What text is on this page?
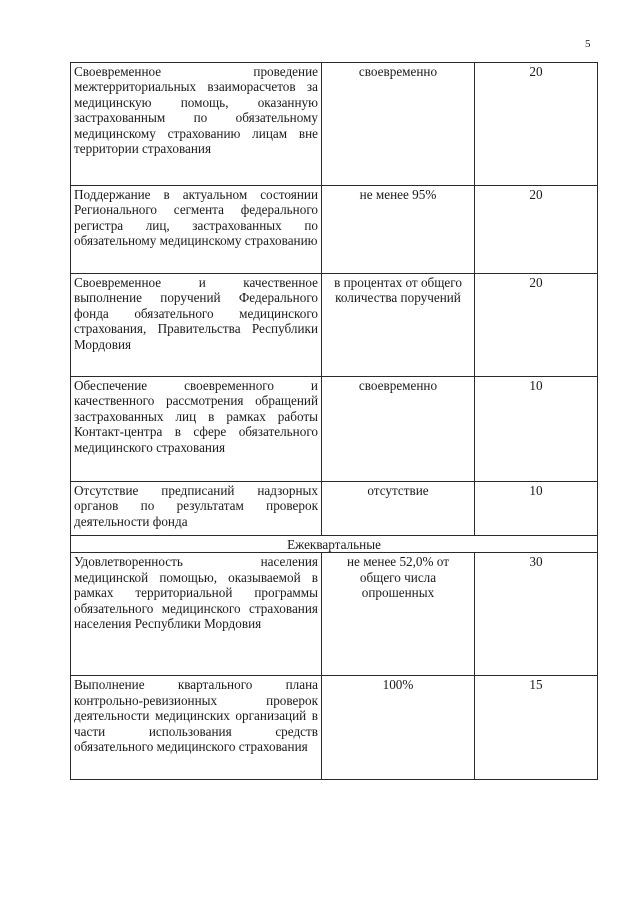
5
Своевременное проведение межтерриториальных взаиморасчетов за медицинскую помощь, оказанную застрахованным по обязательному медицинскому страхованию лицам вне территории страхования	своевременно	20
Поддержание в актуальном состоянии Регионального сегмента федерального регистра лиц, застрахованных по обязательному медицинскому страхованию	не менее 95%	20
Своевременное и качественное выполнение поручений Федерального фонда обязательного медицинского страхования, Правительства Республики Мордовия	в процентах от общего количества поручений	20
Обеспечение своевременного и качественного рассмотрения обращений застрахованных лиц в рамках работы Контакт-центра в сфере обязательного медицинского страхования	своевременно	10
Отсутствие предписаний надзорных органов по результатам проверок деятельности фонда	отсутствие	10
Ежеквартальные		
Удовлетворенность населения медицинской помощью, оказываемой в рамках территориальной программы обязательного медицинского страхования населения Республики Мордовия	не менее 52,0% от общего числа опрошенных	30
Выполнение квартального плана контрольно-ревизионных проверок деятельности медицинских организаций в части использования средств обязательного медицинского страхования	100%	15
